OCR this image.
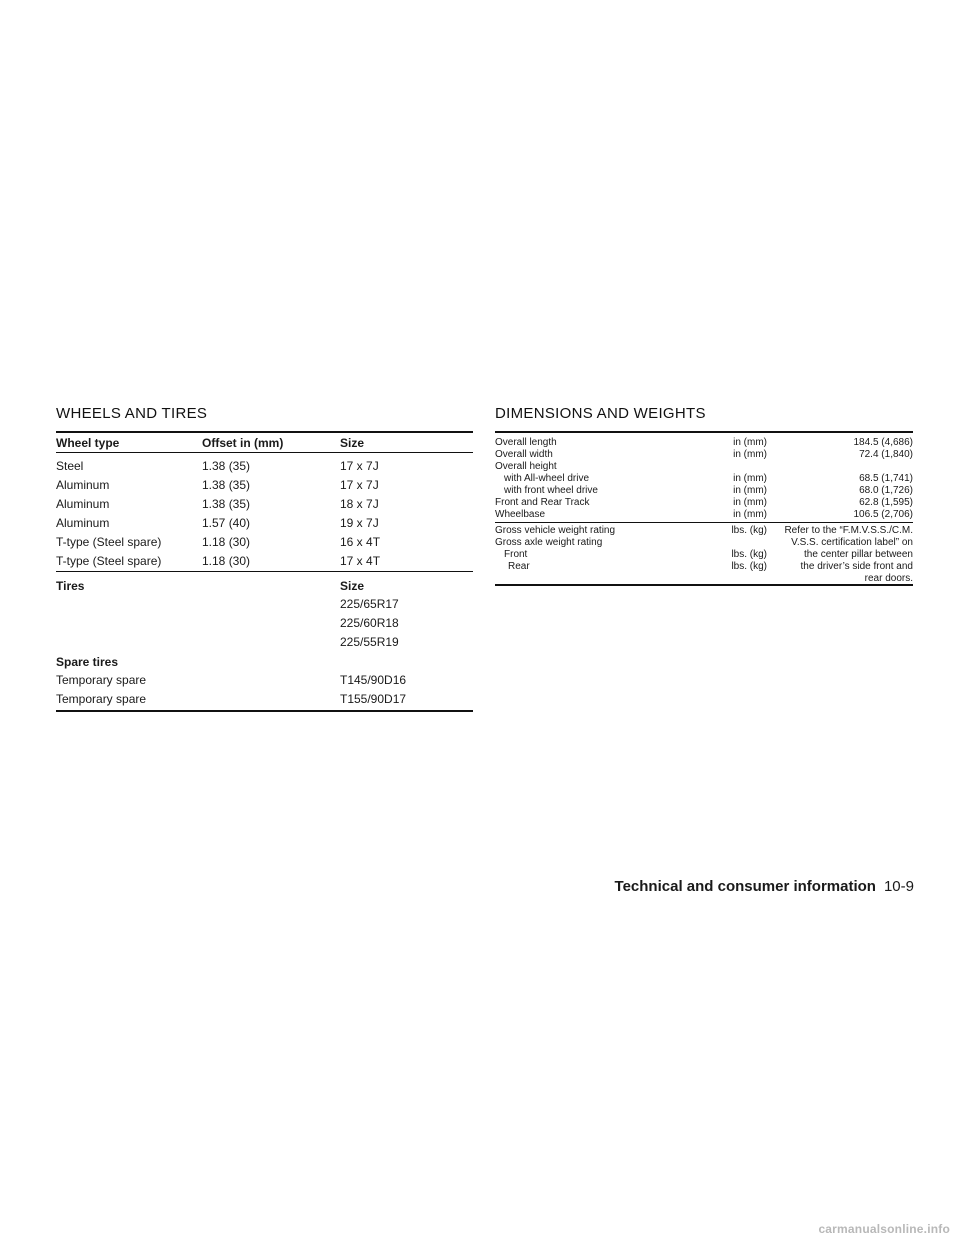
WHEELS AND TIRES
Wheel type	Offset in (mm)	Size
Steel	1.38 (35)	17 x 7J
Aluminum	1.38 (35)	17 x 7J
Aluminum	1.38 (35)	18 x 7J
Aluminum	1.57 (40)	19 x 7J
T-type (Steel spare)	1.18 (30)	16 x 4T
T-type (Steel spare)	1.18 (30)	17 x 4T
Tires	Size
225/65R17
225/60R18
225/55R19
Spare tires
Temporary spare	T145/90D16
Temporary spare	T155/90D17
DIMENSIONS AND WEIGHTS
Overall length	in (mm)	184.5 (4,686)
Overall width	in (mm)	72.4 (1,840)
Overall height
with All-wheel drive	in (mm)	68.5 (1,741)
with front wheel drive	in (mm)	68.0 (1,726)
Front and Rear Track	in (mm)	62.8 (1,595)
Wheelbase	in (mm)	106.5 (2,706)
Gross vehicle weight rating	lbs. (kg)
Gross axle weight rating
Front	lbs. (kg)
Rear	lbs. (kg)
Refer to the “F.M.V.S.S./C.M.
V.S.S. certification label” on
the center pillar between
the driver’s side front and
rear doors.
Technical and consumer information 10-9
carmanualsonline.info
